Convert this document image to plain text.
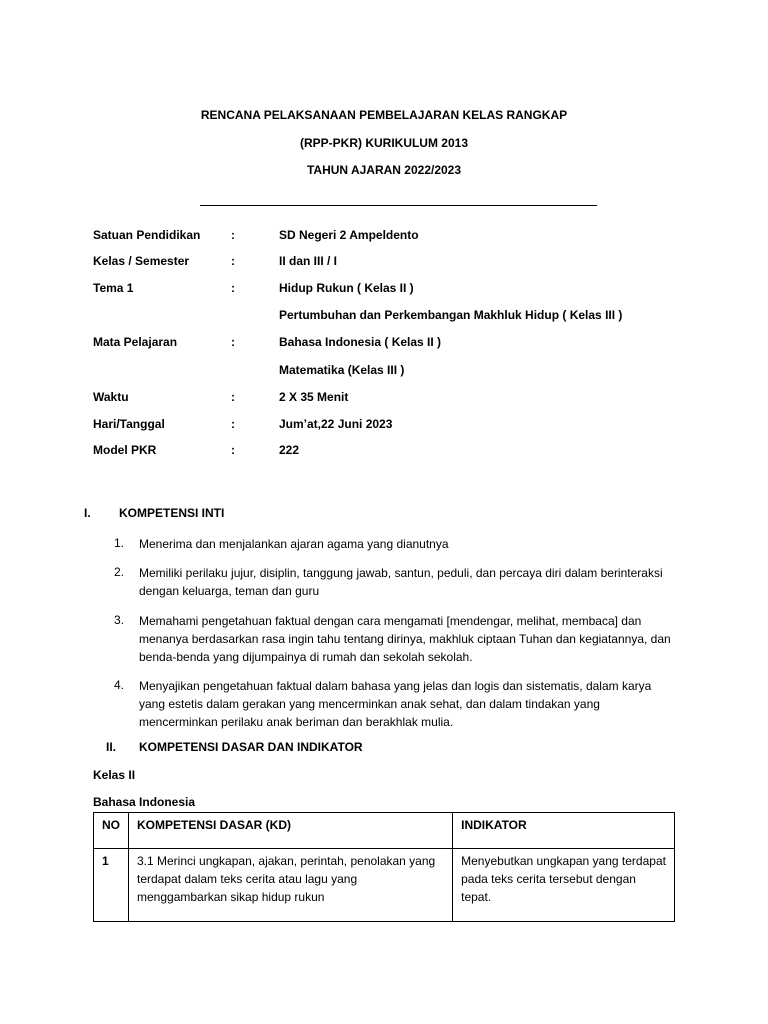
RENCANA PELAKSANAAN PEMBELAJARAN KELAS RANGKAP
(RPP-PKR) KURIKULUM 2013
TAHUN AJARAN 2022/2023
Satuan Pendidikan	:	SD Negeri 2 Ampeldento
Kelas / Semester	:	II dan III / I
Tema 1	:	Hidup Rukun ( Kelas II )
Pertumbuhan dan Perkembangan Makhluk Hidup ( Kelas III )
Mata Pelajaran	:	Bahasa Indonesia ( Kelas II )
Matematika (Kelas III )
Waktu	:	2 X 35 Menit
Hari/Tanggal	:	Jum’at,22 Juni 2023
Model PKR	:	222
I. KOMPETENSI INTI
1. Menerima dan menjalankan ajaran agama yang dianutnya
2. Memiliki perilaku jujur, disiplin, tanggung jawab, santun, peduli, dan percaya diri dalam berinteraksi dengan keluarga, teman dan guru
3. Memahami pengetahuan faktual dengan cara mengamati [mendengar, melihat, membaca] dan menanya berdasarkan rasa ingin tahu tentang dirinya, makhluk ciptaan Tuhan dan kegiatannya, dan benda-benda yang dijumpainya di rumah dan sekolah sekolah.
4. Menyajikan pengetahuan faktual dalam bahasa yang jelas dan logis dan sistematis, dalam karya yang estetis dalam gerakan yang mencerminkan anak sehat, dan dalam tindakan yang mencerminkan perilaku anak beriman dan berakhlak mulia.
II. KOMPETENSI DASAR DAN INDIKATOR
Kelas II
Bahasa Indonesia
NO	KOMPETENSI DASAR (KD)	INDIKATOR
1	3.1 Merinci ungkapan, ajakan, perintah, penolakan yang terdapat dalam teks cerita atau lagu yang menggambarkan sikap hidup rukun	Menyebutkan ungkapan yang terdapat pada teks cerita tersebut dengan tepat.
